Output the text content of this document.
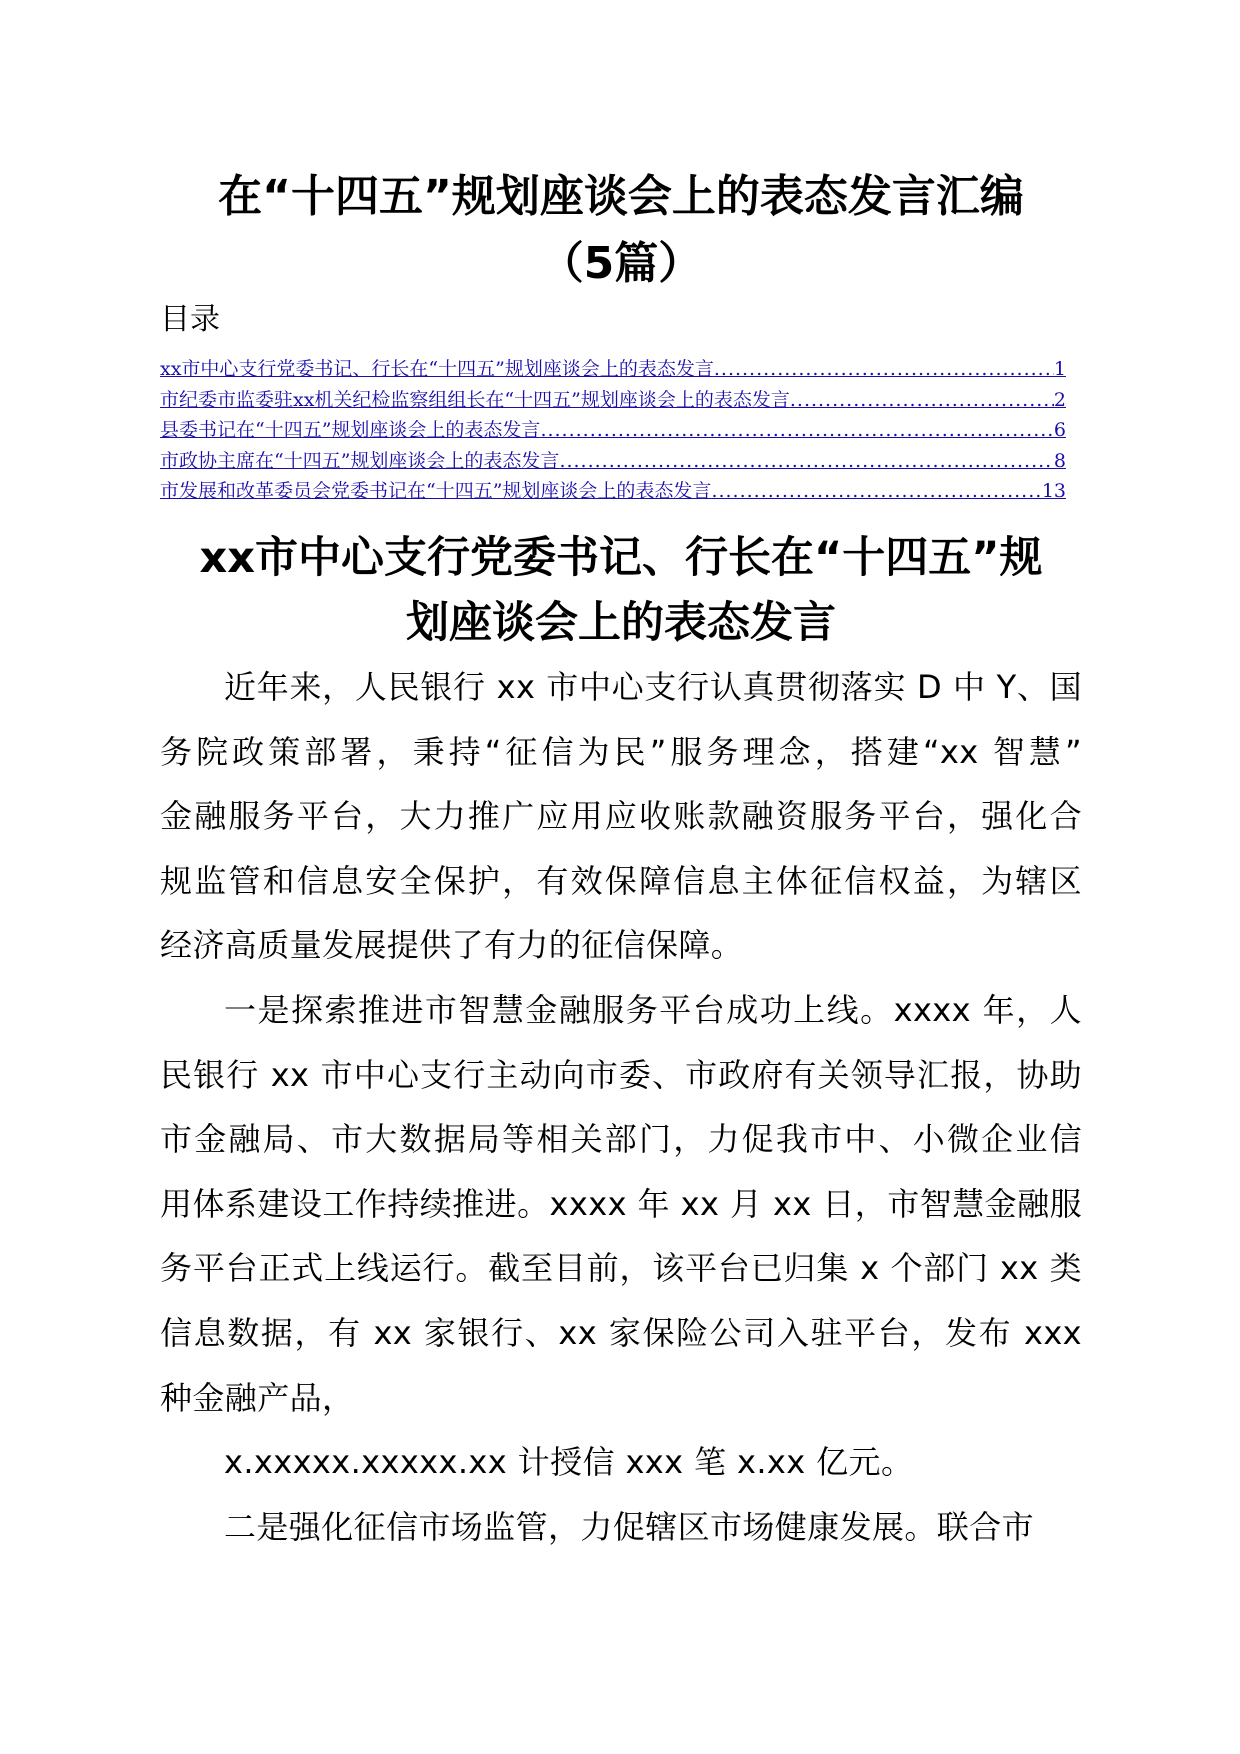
在“十四五”规划座谈会上的表态发言汇编
（5篇）
目录
xx市中心支行党委书记、行长在“十四五”规划座谈会上的表态发言 .....	1
市纪委市监委驻xx机关纪检监察组组长在“十四五”规划座谈会上的表态发言 .....	2
县委书记在“十四五”规划座谈会上的表态发言 .....	6
市政协主席在“十四五”规划座谈会上的表态发言 .....	8
市发展和改革委员会党委书记在“十四五”规划座谈会上的表态发言 .....	13
xx市中心支行党委书记、行长在“十四五”规
划座谈会上的表态发言

近年来，人民银行 xx 市中心支行认真贯彻落实 D 中 Y、国
务院政策部署，秉持“征信为民”服务理念，搭建“xx 智慧”
金融服务平台，大力推广应用应收账款融资服务平台，强化合
规监管和信息安全保护，有效保障信息主体征信权益，为辖区
经济高质量发展提供了有力的征信保障。

一是探索推进市智慧金融服务平台成功上线。xxxx 年，人
民银行 xx 市中心支行主动向市委、市政府有关领导汇报，协助
市金融局、市大数据局等相关部门，力促我市中、小微企业信
用体系建设工作持续推进。xxxx 年 xx 月 xx 日，市智慧金融服
务平台正式上线运行。截至目前，该平台已归集 x 个部门 xx 类
信息数据，有 xx 家银行、xx 家保险公司入驻平台，发布 xxx
种金融产品，

x.xxxxx.xxxxx.xx 计授信 xxx 笔 x.xx 亿元。

二是强化征信市场监管，力促辖区市场健康发展。联合市
